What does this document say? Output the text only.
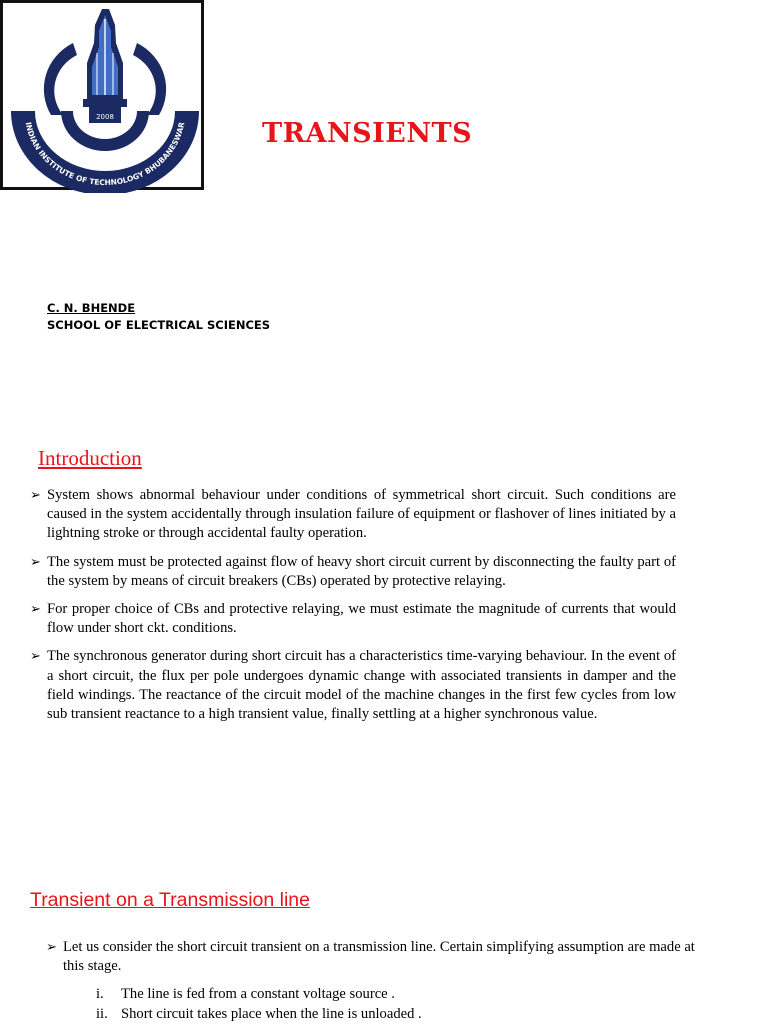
2008
INDIAN INSTITUTE OF TECHNOLOGY BHUBANESWAR	TRANSIENTS
C. N. BHENDE
SCHOOL OF ELECTRICAL SCIENCES
Introduction
➢ System shows abnormal behaviour under conditions of symmetrical short circuit. Such conditions are caused in the system accidentally through insulation failure of equipment or flashover of lines initiated by a lightning stroke or through accidental faulty operation.
➢ The system must be protected against flow of heavy short circuit current by disconnecting the faulty part of the system by means of circuit breakers (CBs) operated by protective relaying.
➢ For proper choice of CBs and protective relaying, we must estimate the magnitude of currents that would flow under short ckt. conditions.
➢ The synchronous generator during short circuit has a characteristics time-varying behaviour. In the event of a short circuit, the flux per pole undergoes dynamic change with associated transients in damper and the field windings. The reactance of the circuit model of the machine changes in the first few cycles from low sub transient reactance to a high transient value, finally settling at a higher synchronous value.
Transient on a Transmission line
➢ Let us consider the short circuit transient on a transmission line. Certain simplifying assumption are made at this stage.
i. The line is fed from a constant voltage source .
ii. Short circuit takes place when the line is unloaded .
